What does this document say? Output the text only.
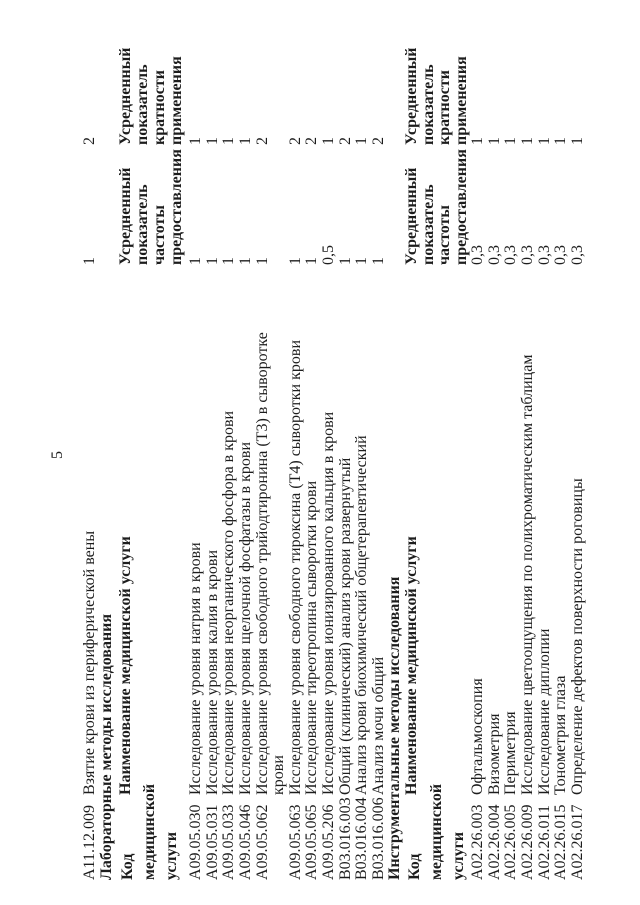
5
A11.12.009	Взятие крови из периферической вены	1	2
Лабораторные методы исследования			
Код медицинской услуги	Наименование медицинской услуги	Усредненный
показатель
частоты
предоставления	Усредненный
показатель
кратности
применения
A09.05.030	Исследование уровня натрия в крови	1	1
A09.05.031	Исследование уровня калия в крови	1	1
A09.05.033	Исследование уровня неорганического фосфора в крови	1	1
A09.05.046	Исследование уровня щелочной фосфатазы в крови	1	1
A09.05.062	Исследование уровня свободного трийодтиронина (Т3) в сыворотке
крови	1	2
A09.05.063	Исследование уровня свободного тироксина (Т4) сыворотки крови	1	2
A09.05.065	Исследование тиреотропина сыворотки крови	1	2
A09.05.206	Исследование уровня ионизированного кальция в крови	0,5	1
B03.016.003	Общий (клинический) анализ крови развернутый	1	2
B03.016.004	Анализ крови биохимический общетерапевтический	1	1
B03.016.006	Анализ мочи общий	1	2
Инструментальные методы исследования			
Код медицинской услуги	Наименование медицинской услуги	Усредненный
показатель
частоты
предоставления	Усредненный
показатель
кратности
применения
A02.26.003	Офтальмоскопия	0,3	1
A02.26.004	Визометрия	0,3	1
A02.26.005	Периметрия	0,3	1
A02.26.009	Исследование цветоощущения по полихроматическим таблицам	0,3	1
A02.26.011	Исследование диплопии	0,3	1
A02.26.015	Тонометрия глаза	0,3	1
A02.26.017	Определение дефектов поверхности роговицы	0,3	1
